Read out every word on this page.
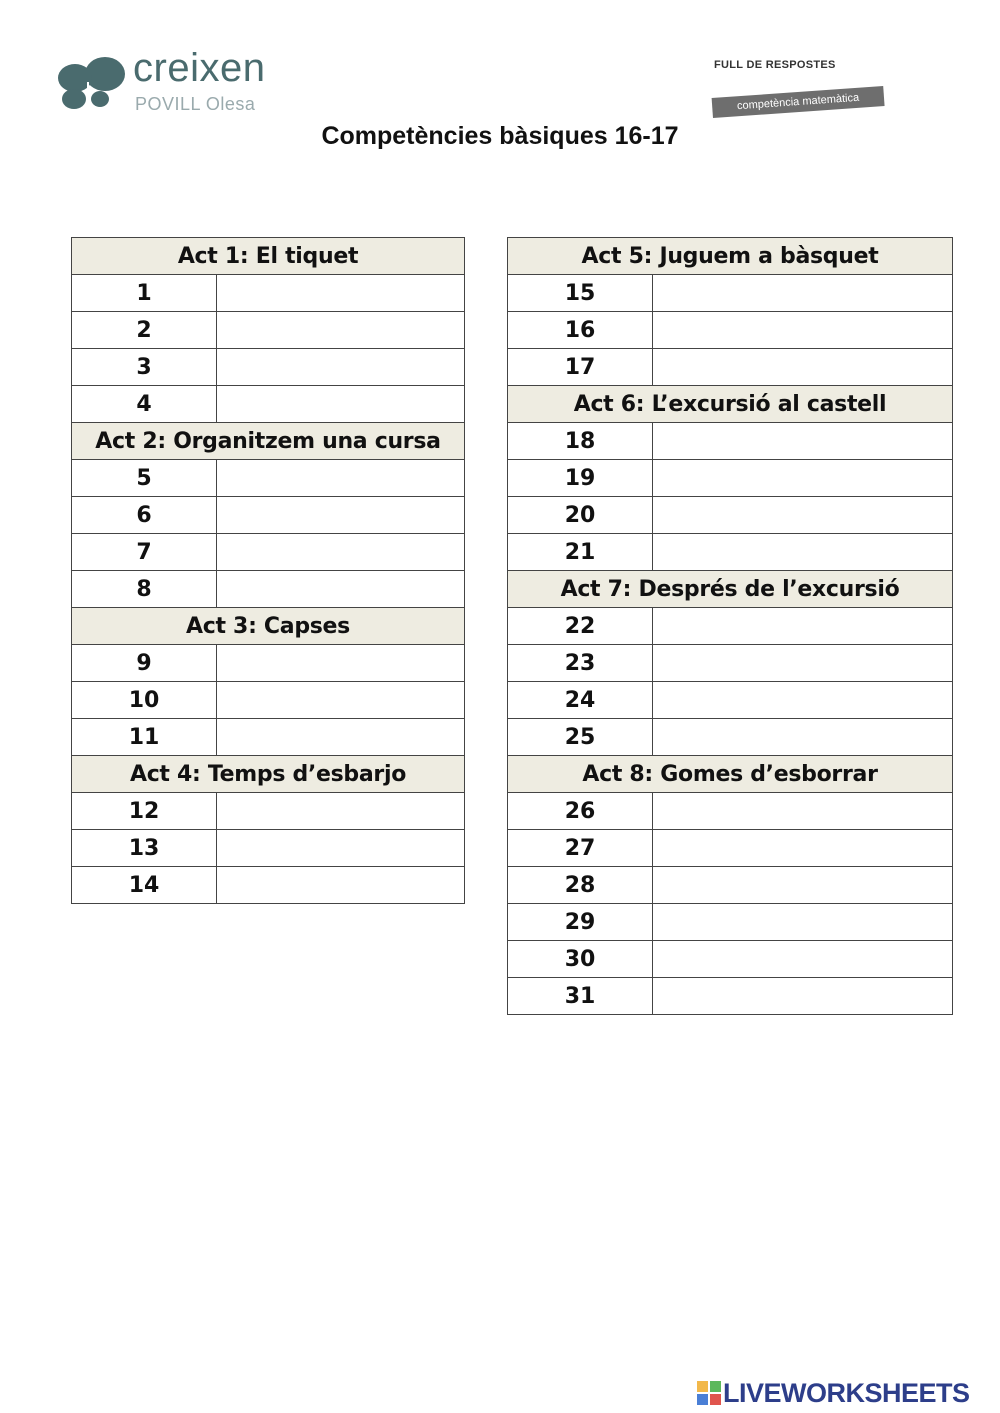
creixen
POVILL Olesa
FULL DE RESPOSTES
competència matemàtica
Competències bàsiques 16-17
Act 1: El tiquet	
1	
2	
3	
4	
Act 2: Organitzem una cursa	
5	
6	
7	
8	
Act 3: Capses	
9	
10	
11	
Act 4: Temps d’esbarjo	
12	
13	
14	
Act 5: Juguem a bàsquet	
15	
16	
17	
Act 6: L’excursió al castell	
18	
19	
20	
21	
Act 7: Després de l’excursió	
22	
23	
24	
25	
Act 8: Gomes d’esborrar	
26	
27	
28	
29	
30	
31	
LIVEWORKSHEETS
